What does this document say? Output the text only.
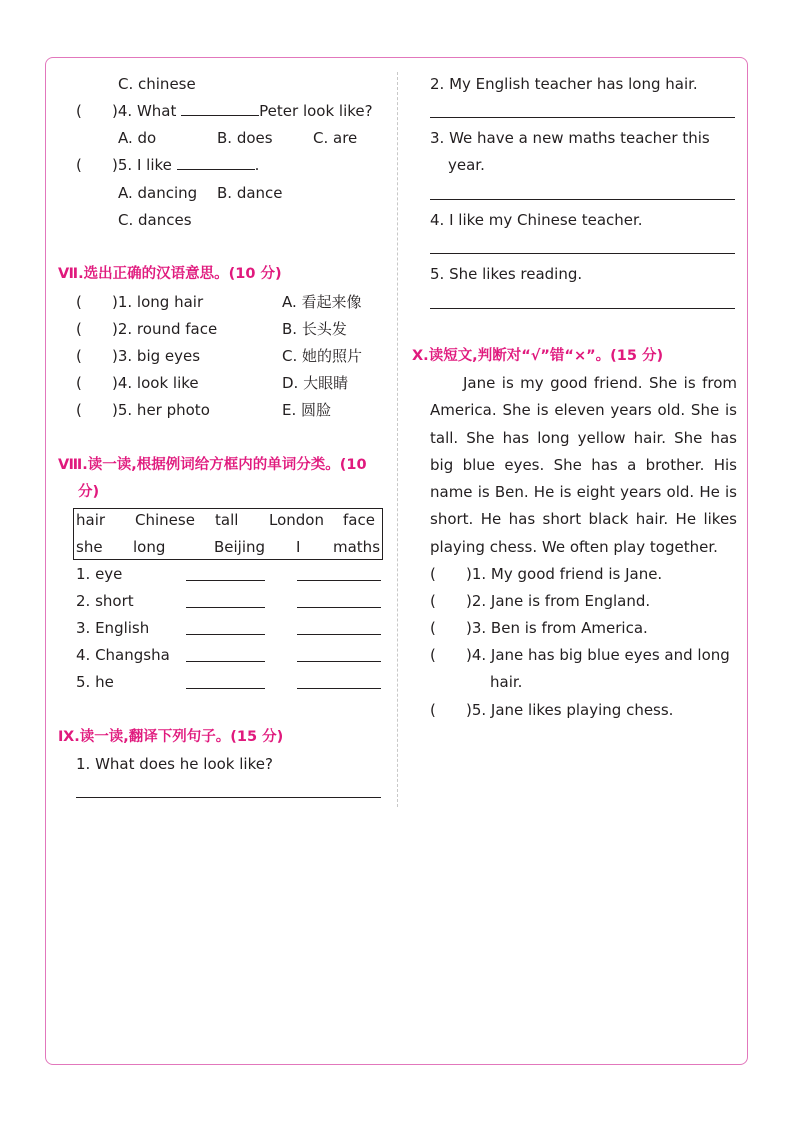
C. chinese
( )4. What	Peter look like?
A. do	B. does	C. are
( )5. I like	.
A. dancing B. dance
C. dances
Ⅶ.选出正确的汉语意思。(10 分)
( )1. long hair	A. 看起来像
( )2. round face	B. 长头发
( )3. big eyes	C. 她的照片
( )4. look like	D. 大眼睛
( )5. her photo	E. 圆脸
Ⅷ.读一读,根据例词给方框内的单词分类。(10
分)
hair Chinese tall London face
she long	Beijing I maths
1. eye
2. short
3. English
4. Changsha
5. he
Ⅸ.读一读,翻译下列句子。(15 分)
1. What does he look like?
2. My English teacher has long hair.
3. We have a new maths teacher this
year.
4. I like my Chinese teacher.
5. She likes reading.
Ⅹ.读短文,判断对“√”错“×”。(15 分)
Jane is my good friend. She is from America. She is eleven years old. She is tall. She has long yellow hair. She has big blue eyes. She has a brother. His name is Ben. He is eight years old. He is short. He has short black hair. He likes playing chess. We often play together.
( )1. My good friend is Jane.
( )2. Jane is from England.
( )3. Ben is from America.
( )4. Jane has big blue eyes and long
hair.
( )5. Jane likes playing chess.
